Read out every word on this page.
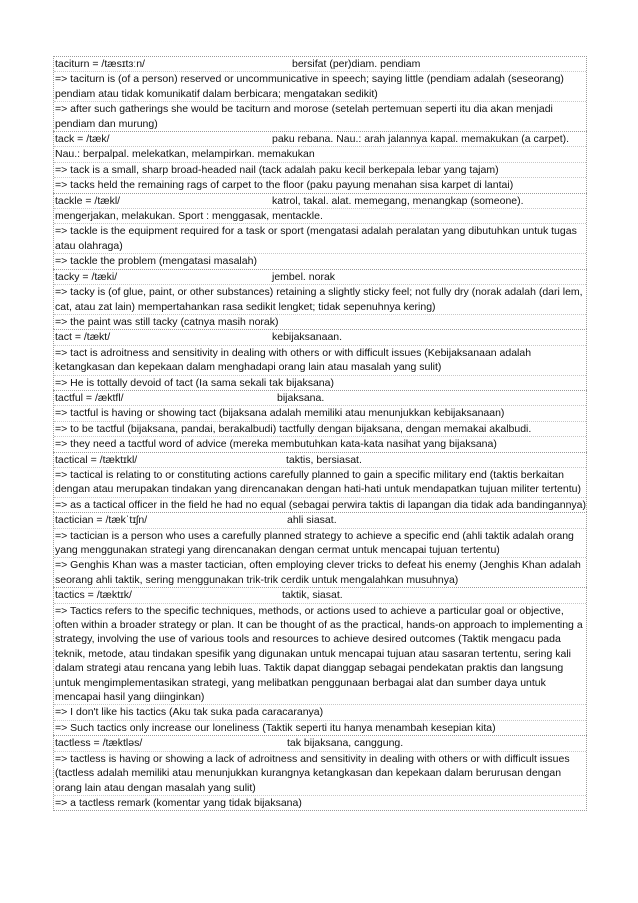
taciturn = /tæsɪtɜːn/	bersifat (per)diam. pendiam
=> taciturn is (of a person) reserved or uncommunicative in speech; saying little (pendiam adalah (seseorang) pendiam atau tidak komunikatif dalam berbicara; mengatakan sedikit)
=> after such gatherings she would be taciturn and morose (setelah pertemuan seperti itu dia akan menjadi pendiam dan murung)
tack = /tæk/	paku rebana. Nau.: arah jalannya kapal. memakukan (a carpet).
Nau.: berpalpal. melekatkan, melampirkan. memakukan
=> tack is a small, sharp broad-headed nail (tack adalah paku kecil berkepala lebar yang tajam)
=> tacks held the remaining rags of carpet to the floor (paku payung menahan sisa karpet di lantai)
tackle = /tækl/	katrol, takal. alat. memegang, menangkap (someone).
mengerjakan, melakukan. Sport : menggasak, mentackle.
=> tackle is the equipment required for a task or sport (mengatasi adalah peralatan yang dibutuhkan untuk tugas atau olahraga)
=> tackle the problem (mengatasi masalah)
tacky = /tæki/	jembel. norak
=> tacky is (of glue, paint, or other substances) retaining a slightly sticky feel; not fully dry (norak adalah (dari lem, cat, atau zat lain) mempertahankan rasa sedikit lengket; tidak sepenuhnya kering)
=> the paint was still tacky (catnya masih norak)
tact = /tækt/	kebijaksanaan.
=> tact is adroitness and sensitivity in dealing with others or with difficult issues (Kebijaksanaan adalah ketangkasan dan kepekaan dalam menghadapi orang lain atau masalah yang sulit)
=> He is tottally devoid of tact (Ia sama sekali tak bijaksana)
tactful = /æktfl/	bijaksana.
=> tactful is having or showing tact (bijaksana adalah memiliki atau menunjukkan kebijaksanaan)
=> to be tactful (bijaksana, pandai, berakalbudi) tactfully dengan bijaksana, dengan memakai akalbudi.
=> they need a tactful word of advice (mereka membutuhkan kata-kata nasihat yang bijaksana)
tactical = /tæktɪkl/	taktis, bersiasat.
=> tactical is relating to or constituting actions carefully planned to gain a specific military end (taktis berkaitan dengan atau merupakan tindakan yang direncanakan dengan hati-hati untuk mendapatkan tujuan militer tertentu)
=> as a tactical officer in the field he had no equal (sebagai perwira taktis di lapangan dia tidak ada bandingannya)
tactician = /tækˈtɪʃn/	ahli siasat.
=> tactician is a person who uses a carefully planned strategy to achieve a specific end (ahli taktik adalah orang yang menggunakan strategi yang direncanakan dengan cermat untuk mencapai tujuan tertentu)
=> Genghis Khan was a master tactician, often employing clever tricks to defeat his enemy (Jenghis Khan adalah seorang ahli taktik, sering menggunakan trik-trik cerdik untuk mengalahkan musuhnya)
tactics = /tæktɪk/	taktik, siasat.
=> Tactics refers to the specific techniques, methods, or actions used to achieve a particular goal or objective, often within a broader strategy or plan. It can be thought of as the practical, hands-on approach to implementing a strategy, involving the use of various tools and resources to achieve desired outcomes (Taktik mengacu pada teknik, metode, atau tindakan spesifik yang digunakan untuk mencapai tujuan atau sasaran tertentu, sering kali dalam strategi atau rencana yang lebih luas. Taktik dapat dianggap sebagai pendekatan praktis dan langsung untuk mengimplementasikan strategi, yang melibatkan penggunaan berbagai alat dan sumber daya untuk mencapai hasil yang diinginkan)
=> I don't like his tactics (Aku tak suka pada caracaranya)
=> Such tactics only increase our loneliness (Taktik seperti itu hanya menambah kesepian kita)
tactless = /tæktləs/	tak bijaksana, canggung.
=> tactless is having or showing a lack of adroitness and sensitivity in dealing with others or with difficult issues (tactless adalah memiliki atau menunjukkan kurangnya ketangkasan dan kepekaan dalam berurusan dengan orang lain atau dengan masalah yang sulit)
=> a tactless remark (komentar yang tidak bijaksana)
